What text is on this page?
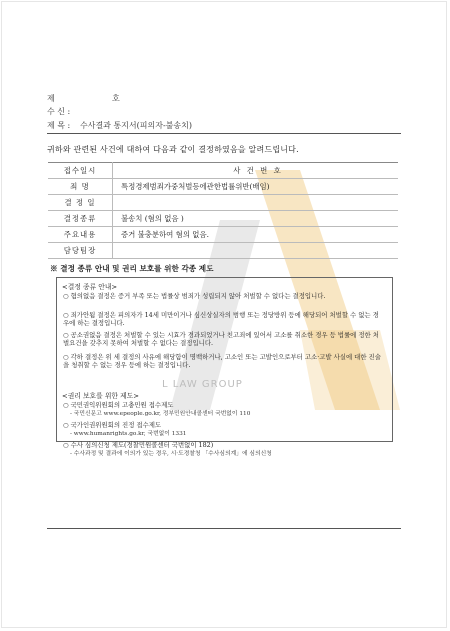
L LAW GROUP
제	호
수 신 :
제 목 : 수사결과 통지서(피의자-불송치)
귀하와 관련된 사건에 대하여 다음과 같이 결정하였음을 알려드립니다.
접수일시	사 건 번 호
죄 명	특정경제범죄가중처벌등에관한법률위반(배임)
결 정 일	
결정종류	불송치 (혐의 없음 )
주요내용	증거 불충분하여 혐의 없음.
담당팀장	
※ 결정 종류 안내 및 권리 보호를 위한 각종 제도
<결정 종류 안내>
○ 혐의없음 결정은 증거 부족 또는 법률상 범죄가 성립되지 않아 처벌할 수 없다는 결정입니다.
○ 죄가안됨 결정은 피의자가 14세 미만이거나 심신상실자의 범행 또는 정당방위 등에 해당되어 처벌할 수 없는 경우에 하는 결정입니다.
○ 공소권없음 결정은 처벌할 수 있는 시효가 경과되었거나 친고죄에 있어서 고소를 취소한 경우 등 법률에 정한 처벌요건을 갖추지 못하여 처벌할 수 없다는 결정입니다.
○ 각하 결정은 위 세 결정의 사유에 해당함이 명백하거나, 고소인 또는 고발인으로부터 고소·고발 사실에 대한 진술을 청취할 수 없는 경우 등에 하는 결정입니다.
<권리 보호를 위한 제도>
○ 국민권익위원회의 고충민원 접수제도
- 국민신문고 www.epeople.go.kr, 정부민원안내콜센터 국번없이 110
○ 국가인권위원회의 진정 접수제도
- www.humanrights.go.kr, 국번없이 1331
○ 수사 심의신청 제도(경찰민원콜센터 국번없이 182)
- 수사과정 및 결과에 이의가 있는 경우, 시·도경찰청 「수사심의계」에 심의신청
